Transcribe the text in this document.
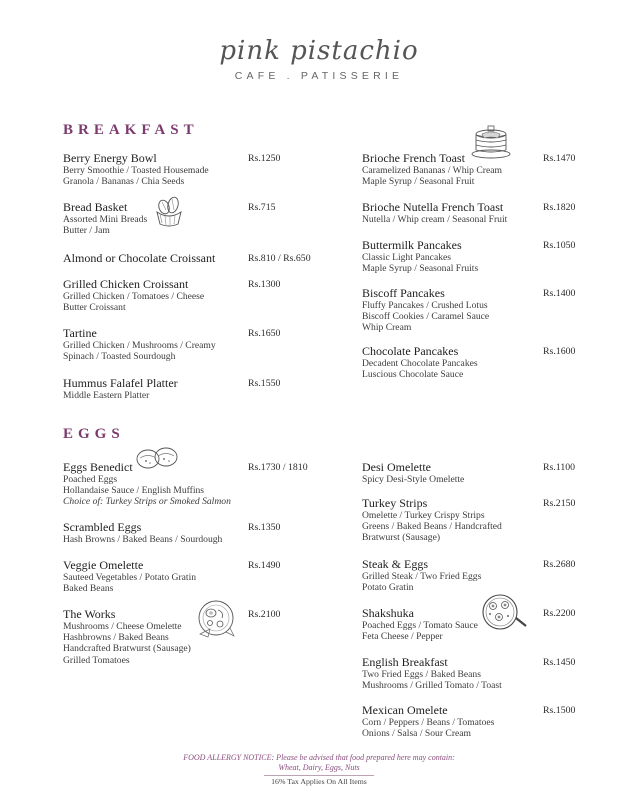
pink pistachio
CAFE . PATISSERIE
BREAKFAST
Berry Energy Bowl
Berry Smoothie / Toasted Housemade
Granola / Bananas / Chia Seeds
Bread Basket
Assorted Mini Breads
Butter / Jam
Almond or Chocolate Croissant
Grilled Chicken Croissant
Grilled Chicken / Tomatoes / Cheese
Butter Croissant
Tartine
Grilled Chicken / Mushrooms / Creamy
Spinach / Toasted Sourdough
Hummus Falafel Platter
Middle Eastern Platter
Rs.1250
Rs.715
Rs.810 / Rs.650
Rs.1300
Rs.1650
Rs.1550
Brioche French Toast
Caramelized Bananas / Whip Cream
Maple Syrup / Seasonal Fruit
Brioche Nutella French Toast
Nutella / Whip cream / Seasonal Fruit
Buttermilk Pancakes
Classic Light Pancakes
Maple Syrup / Seasonal Fruits
Biscoff Pancakes
Fluffy Pancakes / Crushed Lotus
Biscoff Cookies / Caramel Sauce
Whip Cream
Chocolate Pancakes
Decadent Chocolate Pancakes
Luscious Chocolate Sauce
Rs.1470
Rs.1820
Rs.1050
Rs.1400
Rs.1600
EGGS
Eggs Benedict
Poached Eggs
Hollandaise Sauce / English Muffins
Choice of: Turkey Strips or Smoked Salmon
Scrambled Eggs
Hash Browns / Baked Beans / Sourdough
Veggie Omelette
Sauteed Vegetables / Potato Gratin
Baked Beans
The Works
Mushrooms / Cheese Omelette
Hashbrowns / Baked Beans
Handcrafted Bratwurst (Sausage)
Grilled Tomatoes
Rs.1730 / 1810
Rs.1350
Rs.1490
Rs.2100
Desi Omelette
Spicy Desi-Style Omelette
Turkey Strips
Omelette / Turkey Crispy Strips
Greens / Baked Beans / Handcrafted
Bratwurst (Sausage)
Steak & Eggs
Grilled Steak / Two Fried Eggs
Potato Gratin
Shakshuka
Poached Eggs / Tomato Sauce
Feta Cheese / Pepper
English Breakfast
Two Fried Eggs / Baked Beans
Mushrooms / Grilled Tomato / Toast
Mexican Omelete
Corn / Peppers / Beans / Tomatoes
Onions / Salsa / Sour Cream
Rs.1100
Rs.2150
Rs.2680
Rs.2200
Rs.1450
Rs.1500
FOOD ALLERGY NOTICE: Please be advised that food prepared here may contain:
Wheat, Dairy, Eggs, Nuts
16% Tax Applies On All Items
